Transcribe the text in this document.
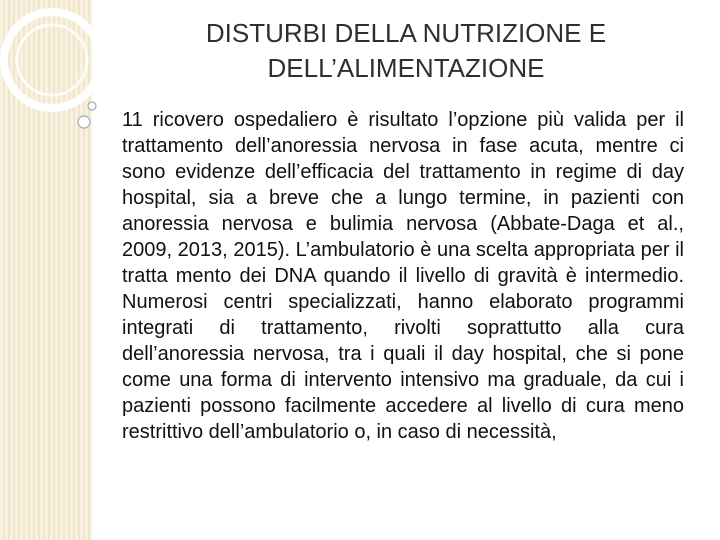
DISTURBI DELLA NUTRIZIONE E DELL’ALIMENTAZIONE

11 ricovero ospedaliero è risultato l’opzione più valida per il trattamento dell’anoressia nervosa in fase acuta, mentre ci sono evidenze dell’efficacia del trattamento in regime di day hospital, sia a breve che a lungo termine, in pazienti con anoressia nervosa e bulimia nervosa (Abbate-Daga et al., 2009, 2013, 2015). L’ambulatorio è una scelta appropriata per il tratta mento dei DNA quando il livello di gravità è intermedio. Numerosi centri specializzati, hanno elaborato programmi integrati di trattamento, rivolti soprattutto alla cura dell’anoressia nervosa, tra i quali il day hospital, che si pone come una forma di intervento intensivo ma graduale, da cui i pazienti possono facilmente accedere al livello di cura meno restrittivo dell’ambulatorio o, in caso di necessità,
